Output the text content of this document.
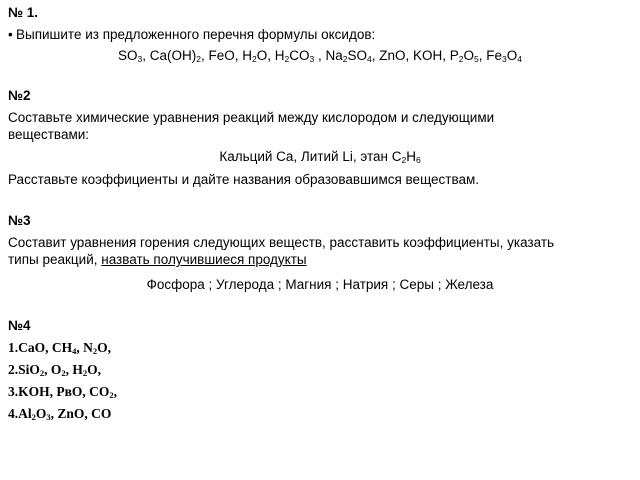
№ 1.
• Выпишите из предложенного перечня формулы оксидов:
$SO_3$, $Ca(OH)_2$, FeO, $H_2O$, $H_2CO_3$ , $Na_2SO_4$, ZnO, KOH, $P_2O_5$, $Fe_3O_4$
№2
Составьте химические уравнения реакций между кислородом и следующими
веществами:
Кальций Ca, Литий Li, этан $C_2H_6$
Расставьте коэффициенты и дайте названия образовавшимся веществам.
№3
Составит уравнения горения следующих веществ, расставить коэффициенты, указать
типы реакций, назвать получившиеся продукты
Фосфора ; Углерода ; Магния ; Натрия ; Серы ; Железа
№4
1.CaO, $CH_4$, $N_2O$,
2.SiO$_2$, $O_2$, $H_2O$,
3.KOH, PвO, $CO_2$,
$4.Al_2O_3$, ZnO, CO
